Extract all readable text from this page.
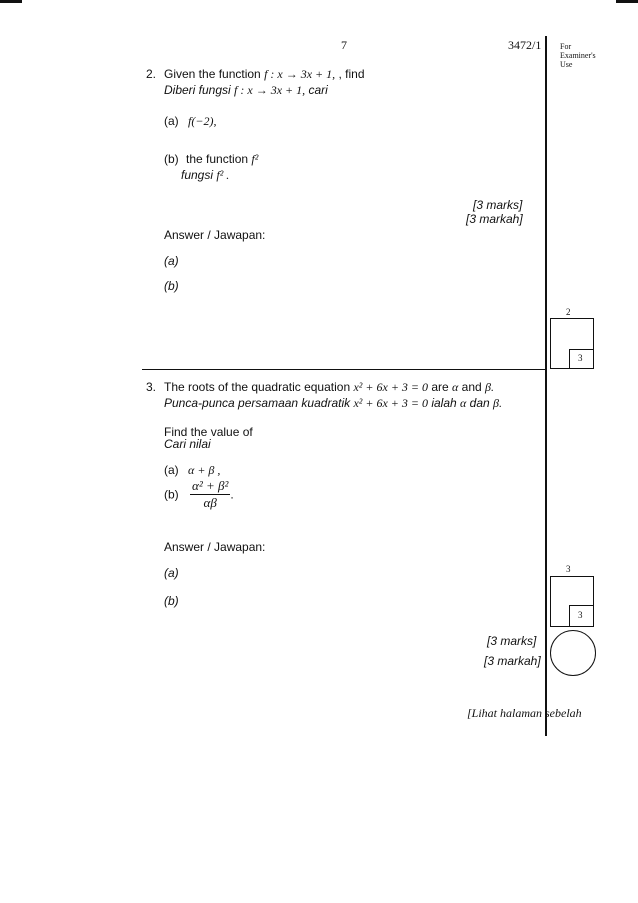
7	3472/1 For
Examiner's
Use
2. Given the function f : x → 3x + 1, , find
Diberi fungsi f : x → 3x + 1, cari
(a) f(−2),
(b) the function f²
fungsi f² .
[3 marks]
[3 markah]
Answer / Jawapan:
(a)
(b)
2
3
3. The roots of the quadratic equation x² + 6x + 3 = 0 are α and β.
Punca-punca persamaan kuadratik x² + 6x + 3 = 0 ialah α dan β.
Find the value of
Cari nilai
(a) α + β ,
$(b) \frac{\text{α² + β²}}{\alpha\beta}$ .
Answer / Jawapan:
(a)
(b)
3
3
[3 marks]
[3 markah]
[Lihat halaman sebelah
